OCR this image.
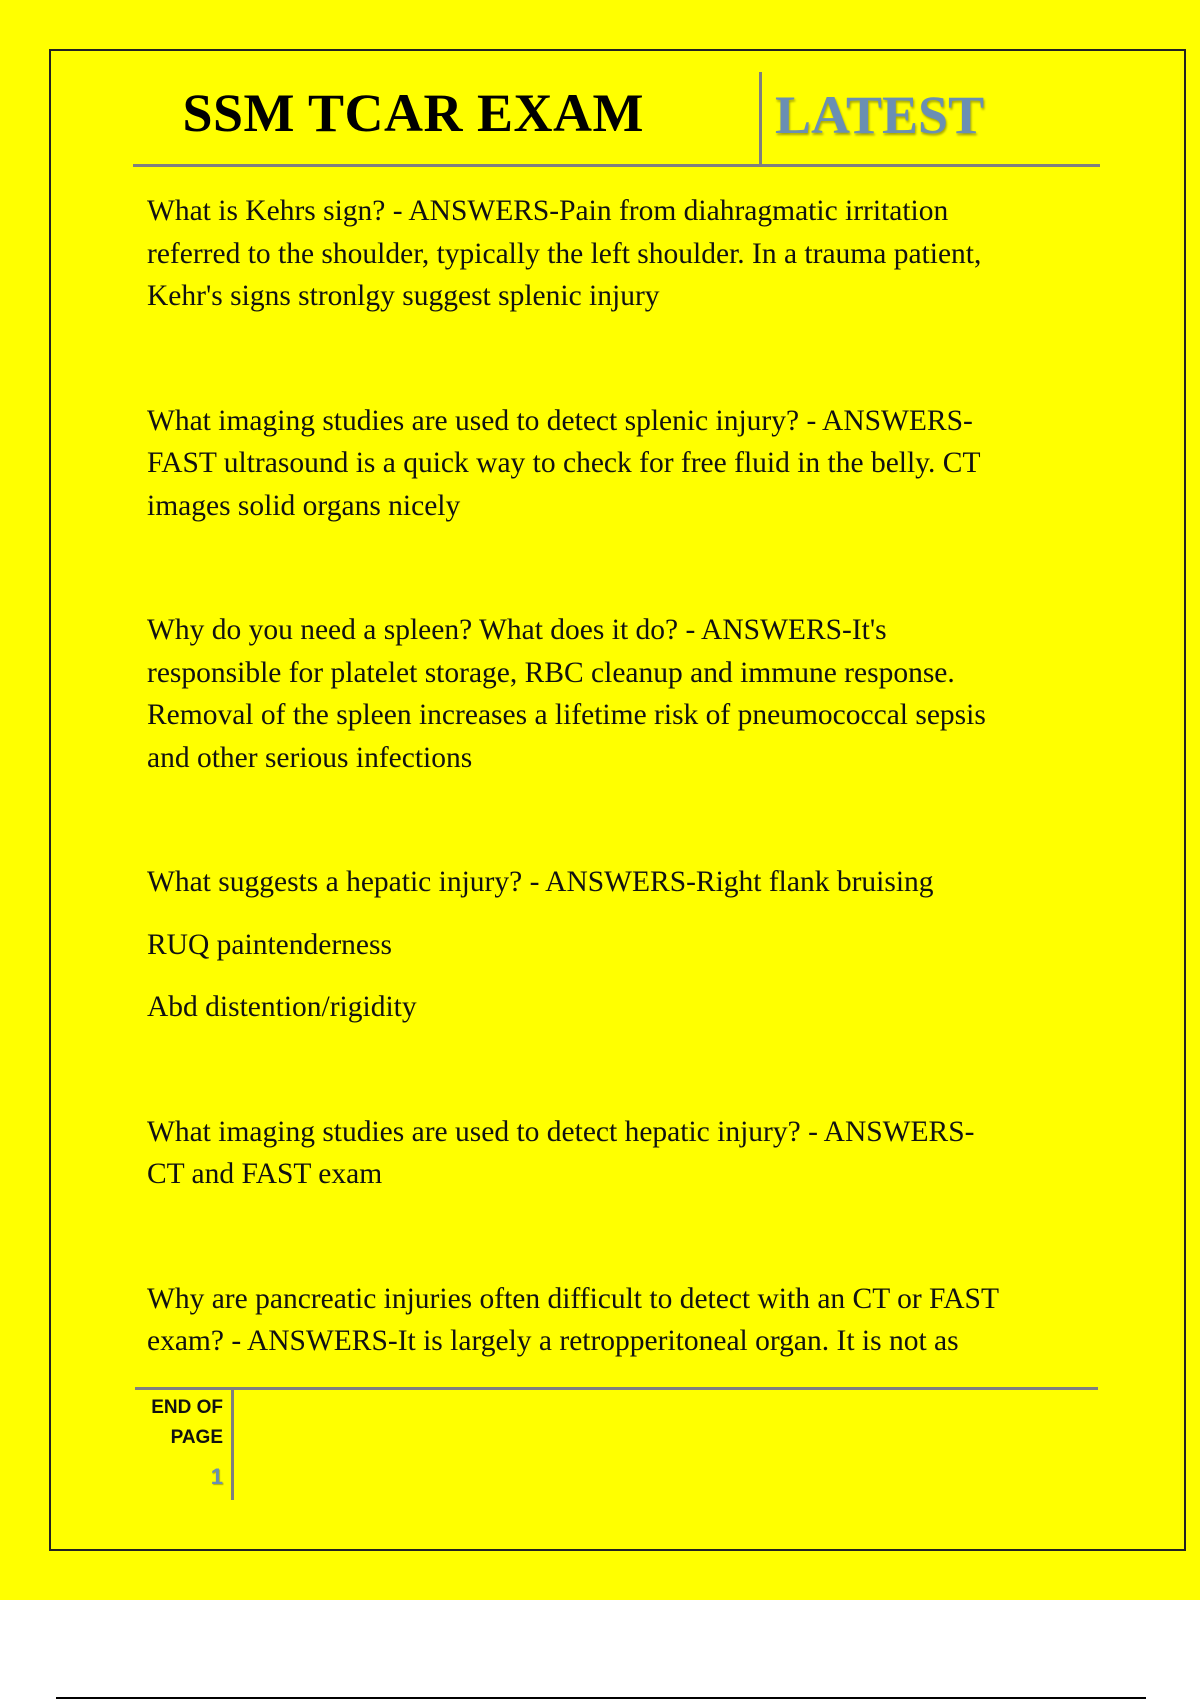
SSM TCAR EXAM LATEST

What is Kehrs sign? - ANSWERS-Pain from diahragmatic irritation
referred to the shoulder, typically the left shoulder. In a trauma patient,
Kehr's signs stronlgy suggest splenic injury

What imaging studies are used to detect splenic injury? - ANSWERS-
FAST ultrasound is a quick way to check for free fluid in the belly. CT
images solid organs nicely

Why do you need a spleen? What does it do? - ANSWERS-It's
responsible for platelet storage, RBC cleanup and immune response.
Removal of the spleen increases a lifetime risk of pneumococcal sepsis
and other serious infections

What suggests a hepatic injury? - ANSWERS-Right flank bruising

RUQ paintenderness

Abd distention/rigidity

What imaging studies are used to detect hepatic injury? - ANSWERS-
CT and FAST exam

Why are pancreatic injuries often difficult to detect with an CT or FAST
exam? - ANSWERS-It is largely a retropperitoneal organ. It is not as

END OF
PAGE
1
